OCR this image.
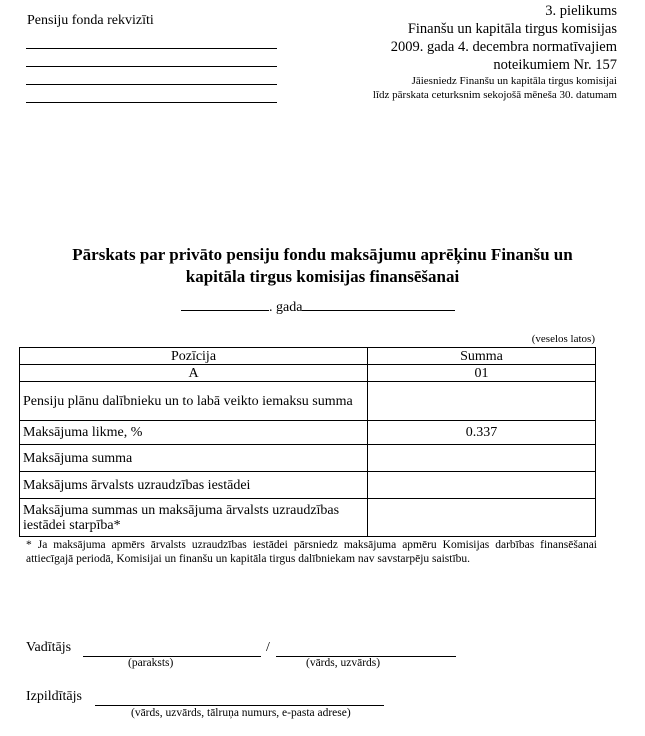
Pensiju fonda rekvizīti
3. pielikums
Finanšu un kapitāla tirgus komisijas
2009. gada 4. decembra normatīvajiem
noteikumiem Nr. 157
Jāiesniedz Finanšu un kapitāla tirgus komisijai
līdz pārskata ceturksnim sekojošā mēneša 30. datumam
Pārskats par privāto pensiju fondu maksājumu aprēķinu Finanšu un
kapitāla tirgus komisijas finansēšanai
. gada
(veselos latos)
Pozīcija	Summa
A	01
Pensiju plānu dalībnieku un to labā veikto iemaksu summa	
Maksājuma likme, %	0.337
Maksājuma summa	
Maksājums ārvalsts uzraudzības iestādei	
Maksājuma summas un maksājuma ārvalsts uzraudzības iestādei starpība*	
* Ja maksājuma apmērs ārvalsts uzraudzības iestādei pārsniedz maksājuma apmēru Komisijas darbības finansēšanai attiecīgajā periodā, Komisijai un finanšu un kapitāla tirgus dalībniekam nav savstarpēju saistību.
Vadītājs	/
(paraksts)	(vārds, uzvārds)
Izpildītājs
(vārds, uzvārds, tālruņa numurs, e-pasta adrese)
